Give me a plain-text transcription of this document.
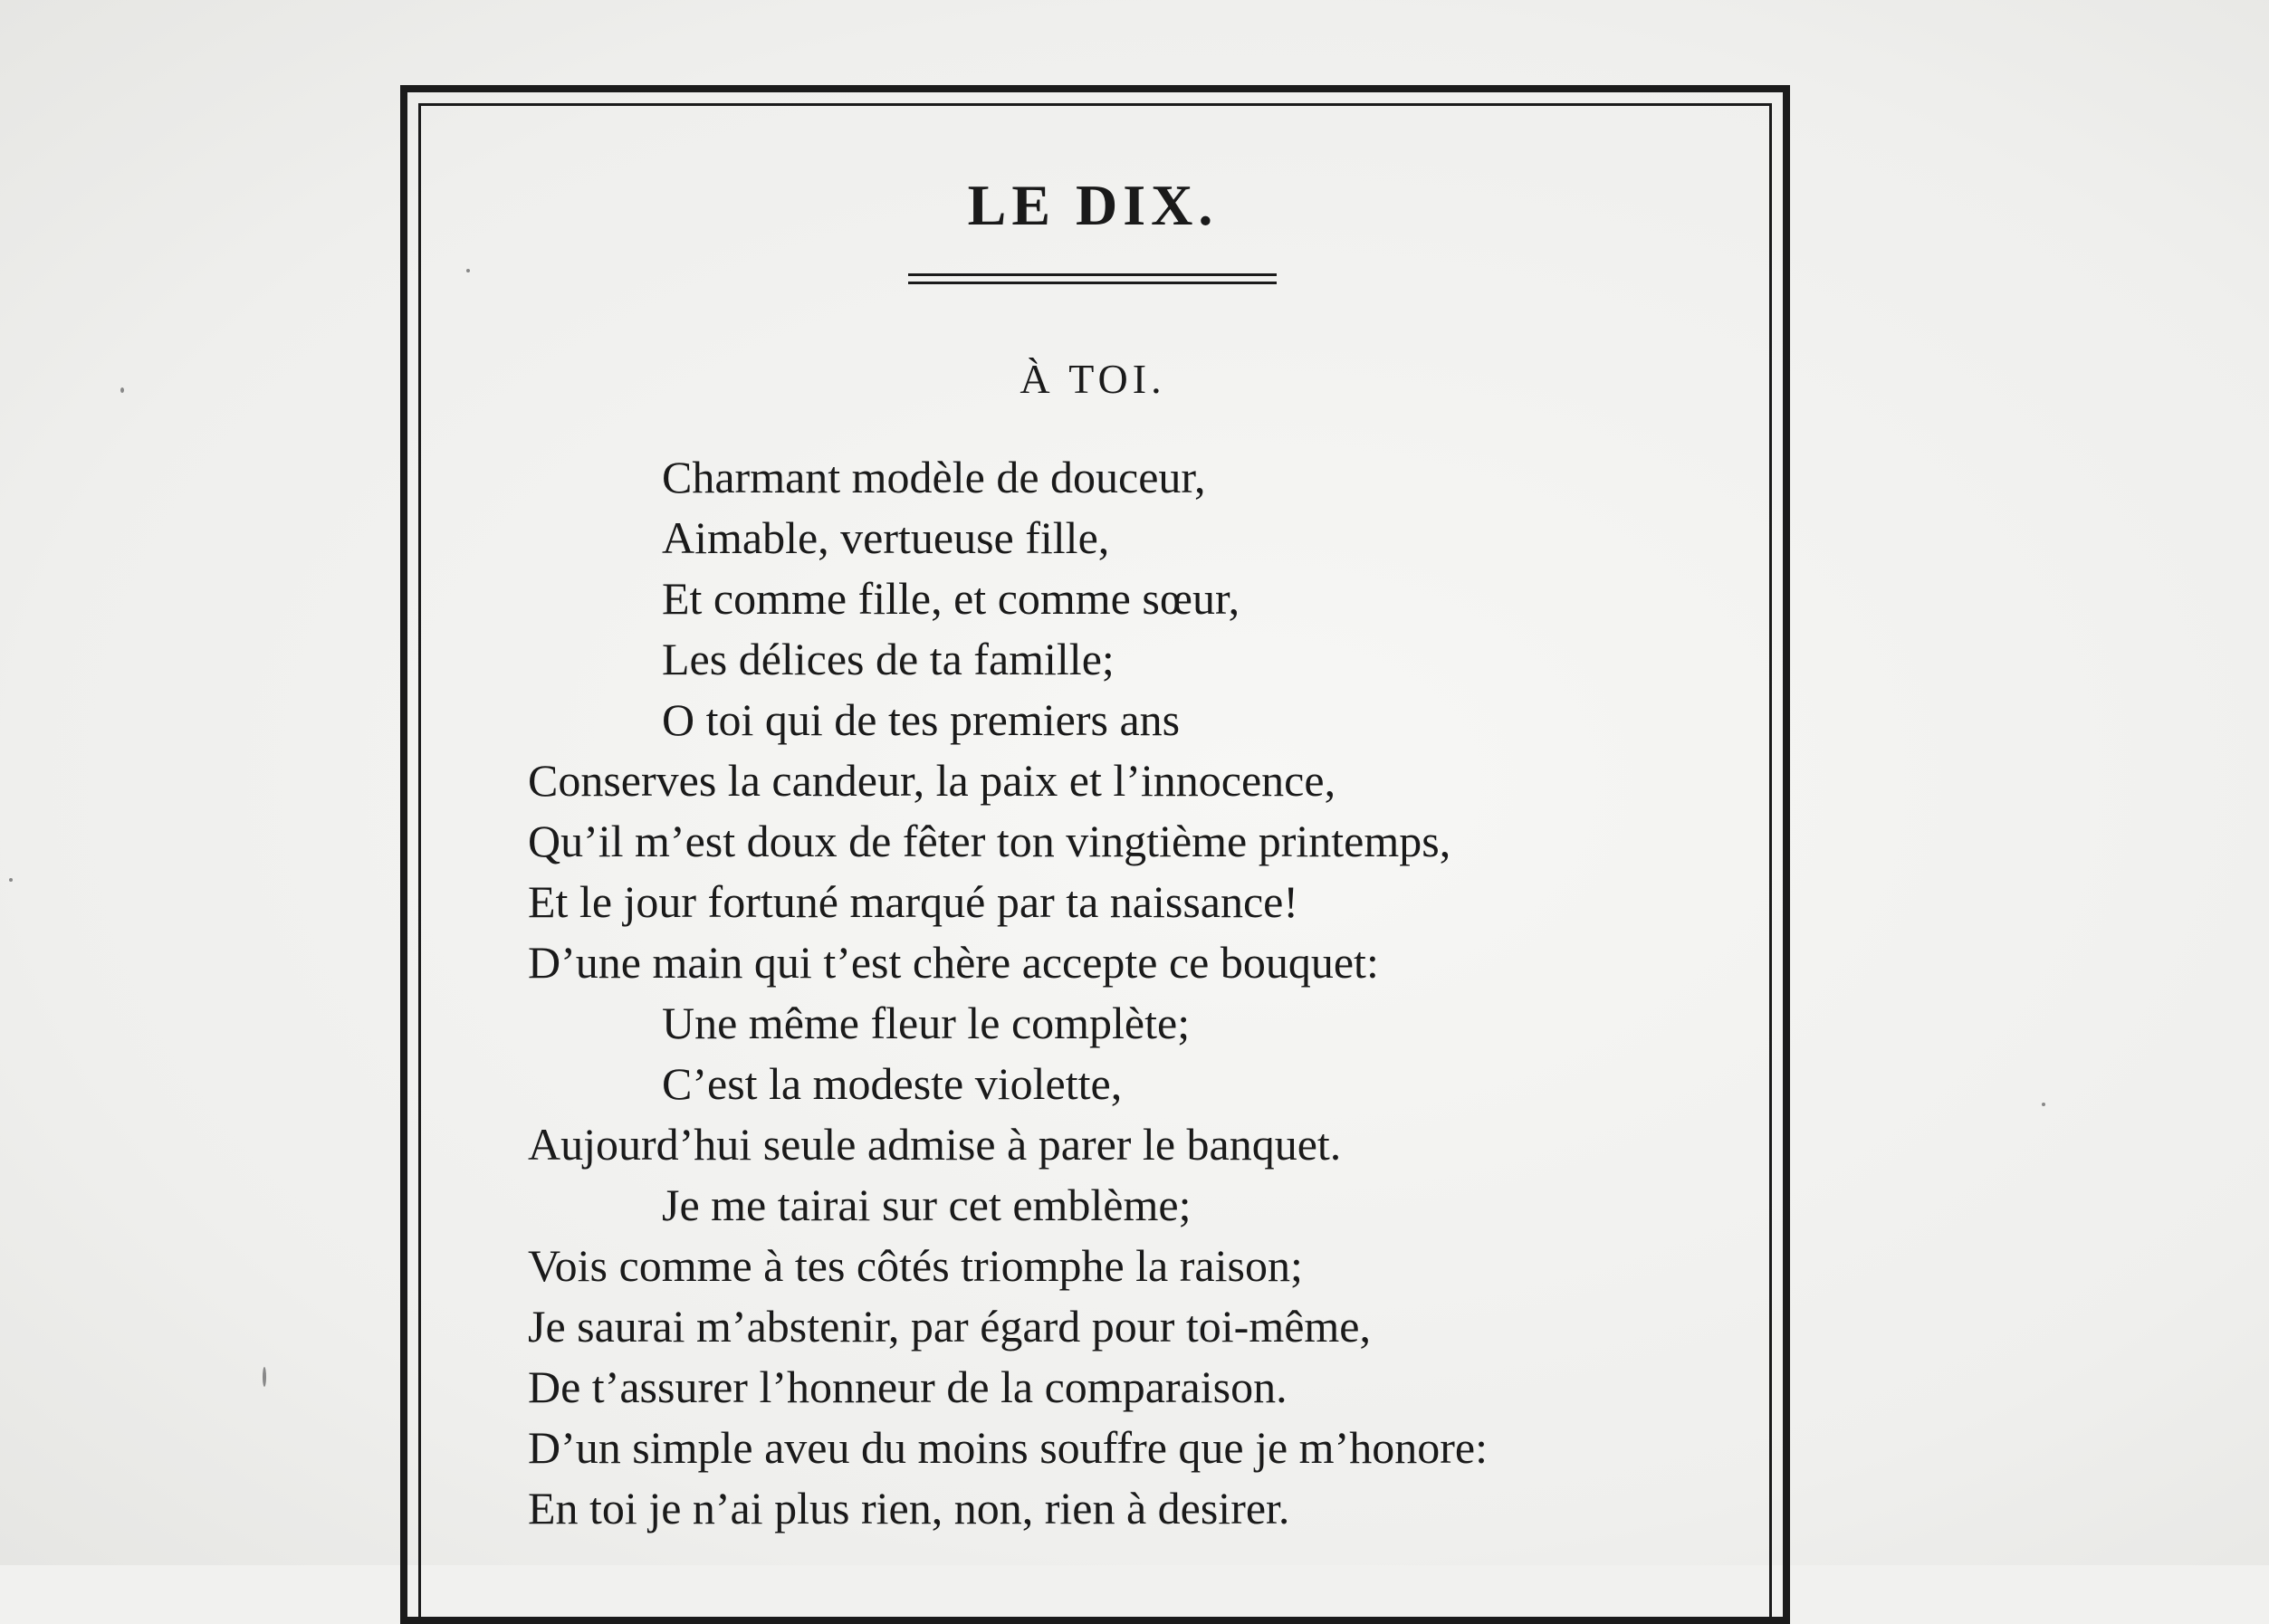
LE DIX.
À TOI.
Charmant modèle de douceur,
Aimable, vertueuse fille,
Et comme fille, et comme sœur,
Les délices de ta famille;
O toi qui de tes premiers ans
Conserves la candeur, la paix et l’innocence,
Qu’il m’est doux de fêter ton vingtième printemps,
Et le jour fortuné marqué par ta naissance!
D’une main qui t’est chère accepte ce bouquet:
Une même fleur le complète;
C’est la modeste violette,
Aujourd’hui seule admise à parer le banquet.
Je me tairai sur cet emblème;
Vois comme à tes côtés triomphe la raison;
Je saurai m’abstenir, par égard pour toi-même,
De t’assurer l’honneur de la comparaison.
D’un simple aveu du moins souffre que je m’honore:
En toi je n’ai plus rien, non, rien à desirer.
